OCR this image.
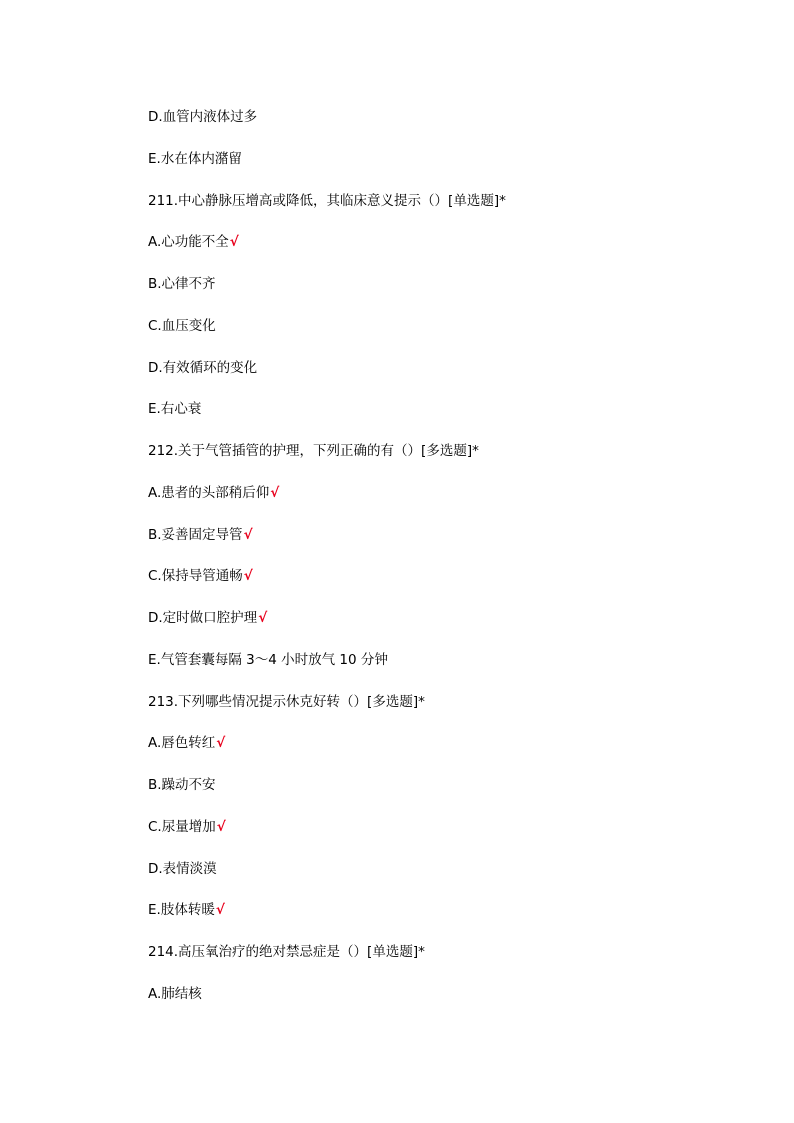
D.血管内液体过多
E.水在体内潴留
211.中心静脉压增高或降低，其临床意义提示（）[单选题]*
A.心功能不全√
B.心律不齐
C.血压变化
D.有效循环的变化
E.右心衰
212.关于气管插管的护理，下列正确的有（）[多选题]*
A.患者的头部稍后仰√
B.妥善固定导管√
C.保持导管通畅√
D.定时做口腔护理√
E.气管套囊每隔 3～4 小时放气 10 分钟
213.下列哪些情况提示休克好转（）[多选题]*
A.唇色转红√
B.躁动不安
C.尿量增加√
D.表情淡漠
E.肢体转暖√
214.高压氧治疗的绝对禁忌症是（）[单选题]*
A.肺结核
